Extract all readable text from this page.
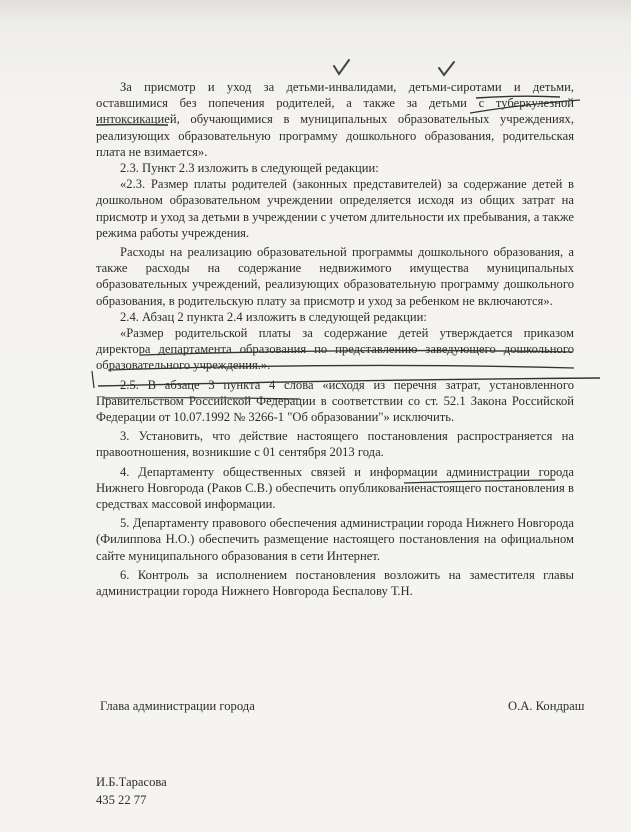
За присмотр и уход за детьми-инвалидами, детьми-сиротами и детьми, оставшимися без попечения родителей, а также за детьми с туберкулезной интоксикацией, обучающимися в муниципальных образовательных учреждениях, реализующих образовательную программу дошкольного образования, родительская плата не взимается».

2.3. Пункт 2.3 изложить в следующей редакции:

«2.3. Размер платы родителей (законных представителей) за содержание детей в дошкольном образовательном учреждении определяется исходя из общих затрат на присмотр и уход за детьми в учреждении с учетом длительности их пребывания, а также режима работы учреждения.

Расходы на реализацию образовательной программы дошкольного образования, а также расходы на содержание недвижимого имущества муниципальных образовательных учреждений, реализующих образовательную программу дошкольного образования, в родительскую плату за присмотр и уход за ребенком не включаются».

2.4. Абзац 2 пункта 2.4 изложить в следующей редакции:

«Размер родительской платы за содержание детей утверждается приказом директора департамента образования по представлению заведующего дошкольного образовательного учреждения.».

2.5. В абзаце 3 пункта 4 слова «исходя из перечня затрат, установленного Правительством Российской Федерации в соответствии со ст. 52.1 Закона Российской Федерации от 10.07.1992 № 3266-1 "Об образовании"» исключить.

3. Установить, что действие настоящего постановления распространяется на правоотношения, возникшие с 01 сентября 2013 года.

4. Департаменту общественных связей и информации администрации города Нижнего Новгорода (Раков С.В.) обеспечить опубликованиенастоящего постановления в средствах массовой информации.

5. Департаменту правового обеспечения администрации города Нижнего Новгорода (Филиппова Н.О.) обеспечить размещение настоящего постановления на официальном сайте муниципального образования в сети Интернет.

6. Контроль за исполнением постановления возложить на заместителя главы администрации города Нижнего Новгорода Беспалову Т.Н.

Глава администрации города	О.А. Кондраш
И.Б.Тарасова
435 22 77
